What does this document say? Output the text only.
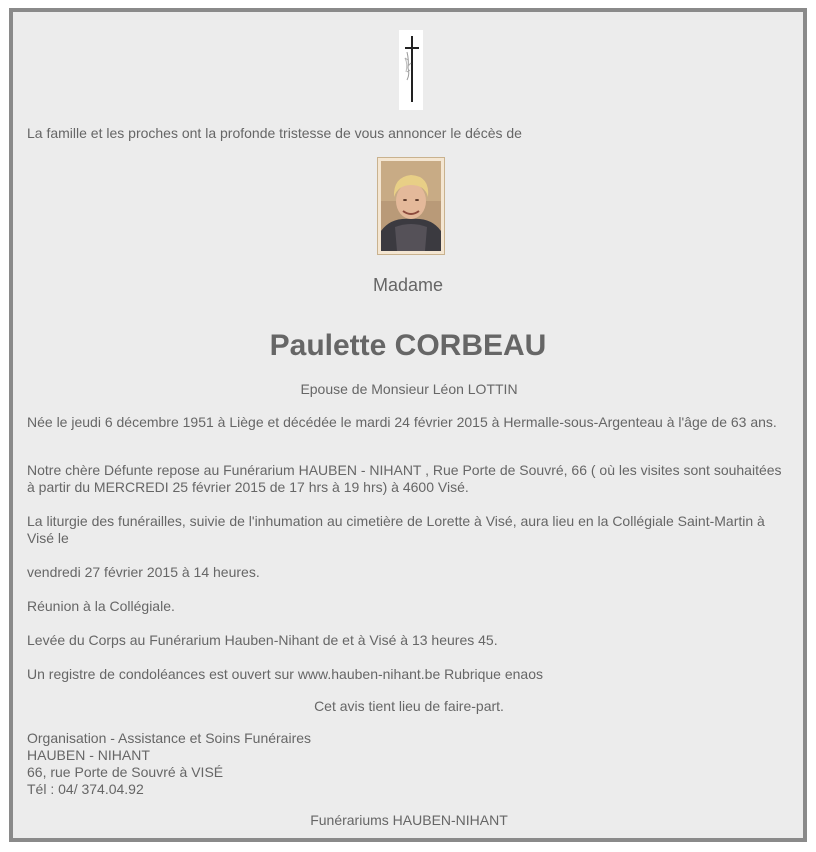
La famille et les proches ont la profonde tristesse de vous annoncer le décès de

Madame
Paulette CORBEAU

Epouse de Monsieur Léon LOTTIN

Née le jeudi 6 décembre 1951 à Liège et décédée le mardi 24 février 2015 à Hermalle-sous-Argenteau à l'âge de 63 ans.

Notre chère Défunte repose au Funérarium HAUBEN - NIHANT , Rue Porte de Souvré, 66 ( où les visites sont souhaitées à partir du MERCREDI 25 février 2015 de 17 hrs à 19 hrs) à 4600 Visé.

La liturgie des funérailles, suivie de l'inhumation au cimetière de Lorette à Visé, aura lieu en la Collégiale Saint-Martin à Visé le

vendredi 27 février 2015 à 14 heures.

Réunion à la Collégiale.

Levée du Corps au Funérarium Hauben-Nihant de et à Visé à 13 heures 45.

Un registre de condoléances est ouvert sur www.hauben-nihant.be Rubrique enaos

Cet avis tient lieu de faire-part.

Organisation - Assistance et Soins Funéraires

HAUBEN - NIHANT

66, rue Porte de Souvré à VISÉ

Tél : 04/ 374.04.92

Funérariums HAUBEN-NIHANT
